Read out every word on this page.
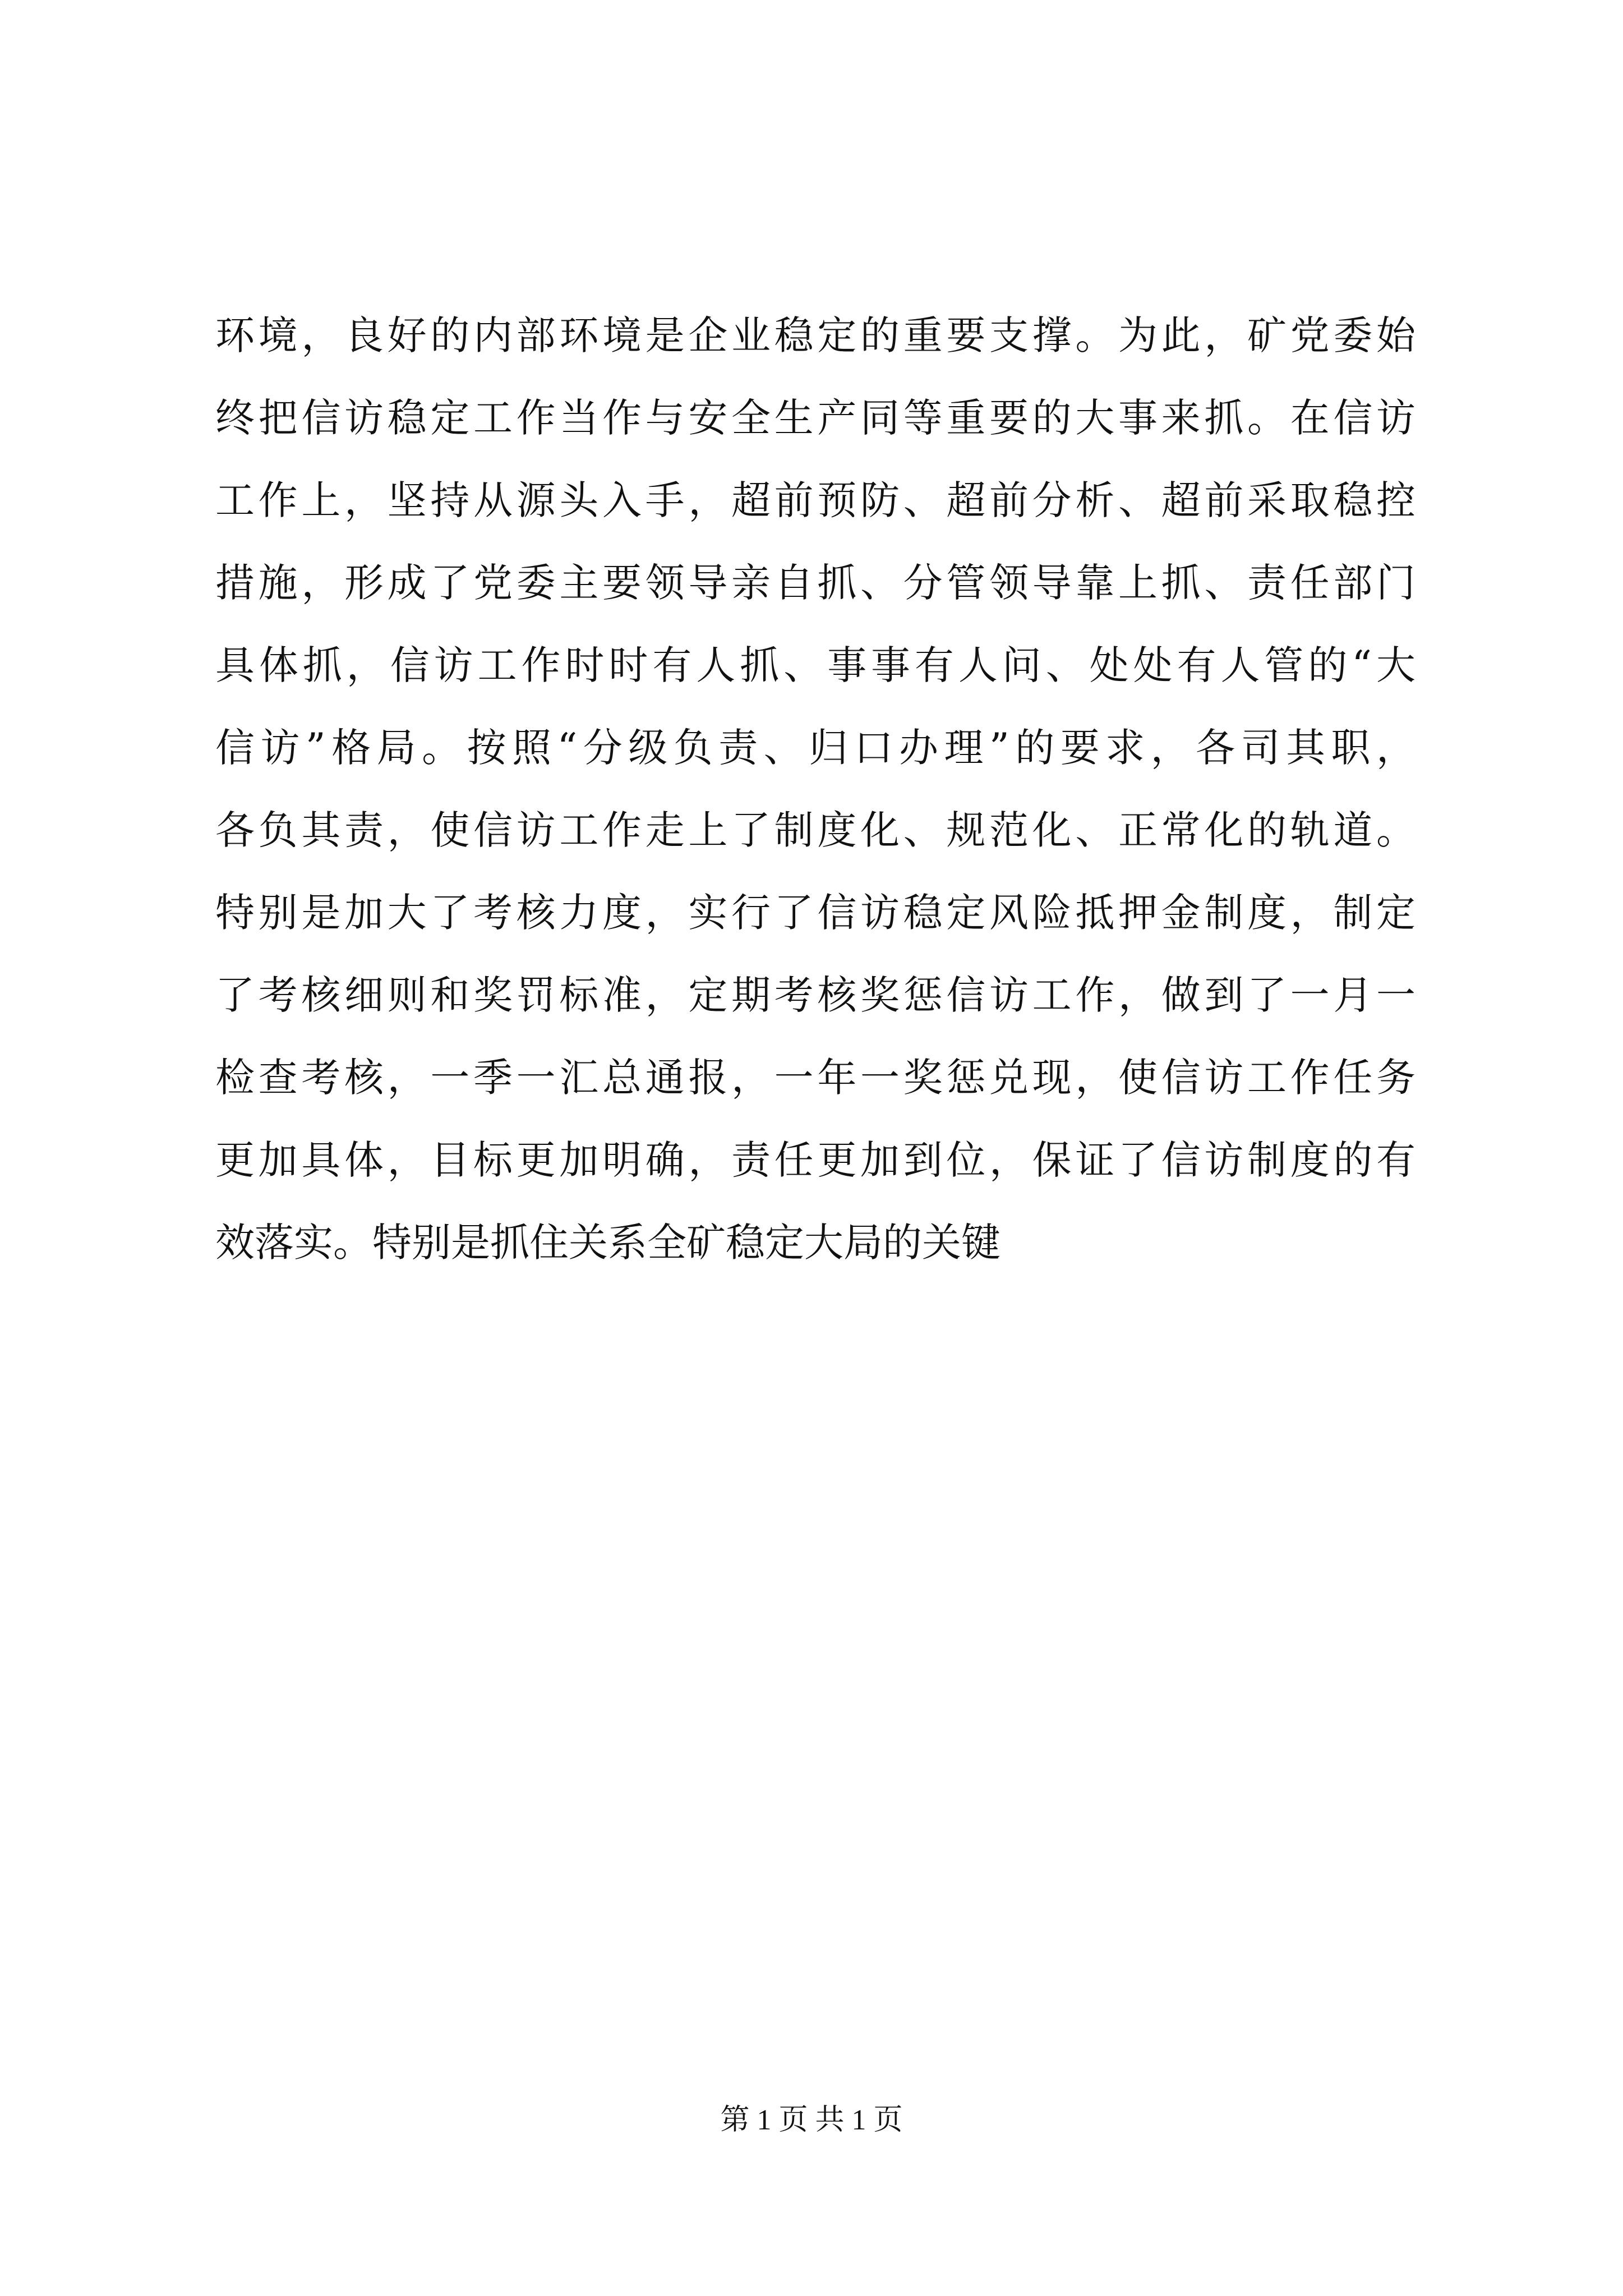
环境，良好的内部环境是企业稳定的重要支撑。为此，矿党委始
终把信访稳定工作当作与安全生产同等重要的大事来抓。在信访
工作上，坚持从源头入手，超前预防、超前分析、超前采取稳控
措施，形成了党委主要领导亲自抓、分管领导靠上抓、责任部门
具体抓，信访工作时时有人抓、事事有人问、处处有人管的“大
信访”格局。按照“分级负责、归口办理”的要求，各司其职，
各负其责，使信访工作走上了制度化、规范化、正常化的轨道。
特别是加大了考核力度，实行了信访稳定风险抵押金制度，制定
了考核细则和奖罚标准，定期考核奖惩信访工作，做到了一月一
检查考核，一季一汇总通报，一年一奖惩兑现，使信访工作任务
更加具体，目标更加明确，责任更加到位，保证了信访制度的有
效落实。特别是抓住关系全矿稳定大局的关键
第 1 页 共 1 页
